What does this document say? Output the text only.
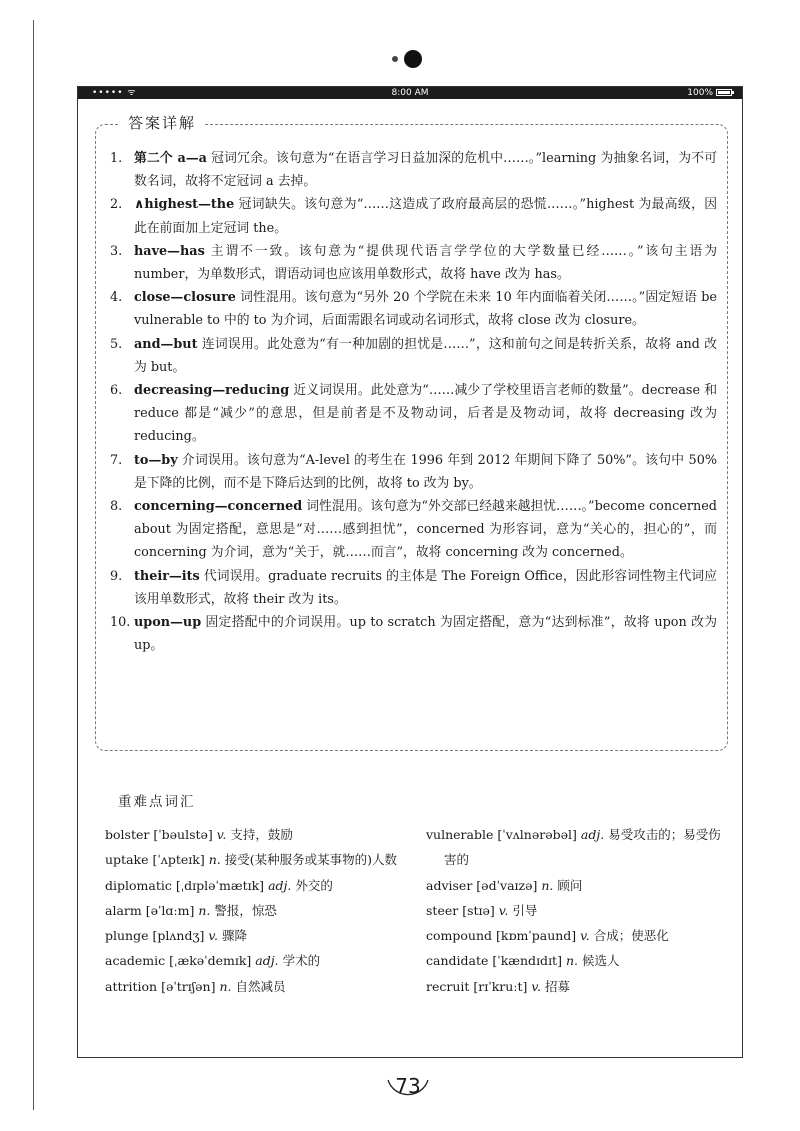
••••• ᯤ	8:00 AM	100%
答案详解
1. 第二个 a—a 冠词冗余。该句意为“在语言学习日益加深的危机中……。”learning 为抽象名词，为不可数名词，故将不定冠词 a 去掉。
2. ∧highest—the 冠词缺失。该句意为“……这造成了政府最高层的恐慌……。”highest 为最高级，因此在前面加上定冠词 the。
3. have—has 主谓不一致。该句意为“提供现代语言学学位的大学数量已经……。”该句主语为 number，为单数形式，谓语动词也应该用单数形式，故将 have 改为 has。
4. close—closure 词性混用。该句意为“另外 20 个学院在未来 10 年内面临着关闭……。”固定短语 be vulnerable to 中的 to 为介词，后面需跟名词或动名词形式，故将 close 改为 closure。
5. and—but 连词误用。此处意为“有一种加剧的担忧是……”，这和前句之间是转折关系，故将 and 改为 but。
6. decreasing—reducing 近义词误用。此处意为“……减少了学校里语言老师的数量”。decrease 和 reduce 都是“减少”的意思，但是前者是不及物动词，后者是及物动词，故将 decreasing 改为 reducing。
7. to—by 介词误用。该句意为“A-level 的考生在 1996 年到 2012 年期间下降了 50%”。该句中 50% 是下降的比例，而不是下降后达到的比例，故将 to 改为 by。
8. concerning—concerned 词性混用。该句意为“外交部已经越来越担忧……。”become concerned about 为固定搭配，意思是“对……感到担忧”，concerned 为形容词，意为“关心的，担心的”，而 concerning 为介词，意为“关于，就……而言”，故将 concerning 改为 concerned。
9. their—its 代词误用。graduate recruits 的主体是 The Foreign Office，因此形容词性物主代词应该用单数形式，故将 their 改为 its。
10. upon—up 固定搭配中的介词误用。up to scratch 为固定搭配，意为“达到标准”，故将 upon 改为 up。
重难点词汇
bolster [ˈbəulstə] v. 支持，鼓励
uptake [ˈʌpteɪk] n. 接受(某种服务或某事物的)人数
diplomatic [ˌdɪpləˈmætɪk] adj. 外交的
alarm [əˈlɑːm] n. 警报，惊恐
plunge [plʌndʒ] v. 骤降
academic [ˌækəˈdemɪk] adj. 学术的
attrition [əˈtrɪʃən] n. 自然减员
vulnerable [ˈvʌlnərəbəl] adj. 易受攻击的；易受伤害的
adviser [ədˈvaɪzə] n. 顾问
steer [stɪə] v. 引导
compound [kɒmˈpaund] v. 合成；使恶化
candidate [ˈkændɪdɪt] n. 候选人
recruit [rɪˈkruːt] v. 招募
73
